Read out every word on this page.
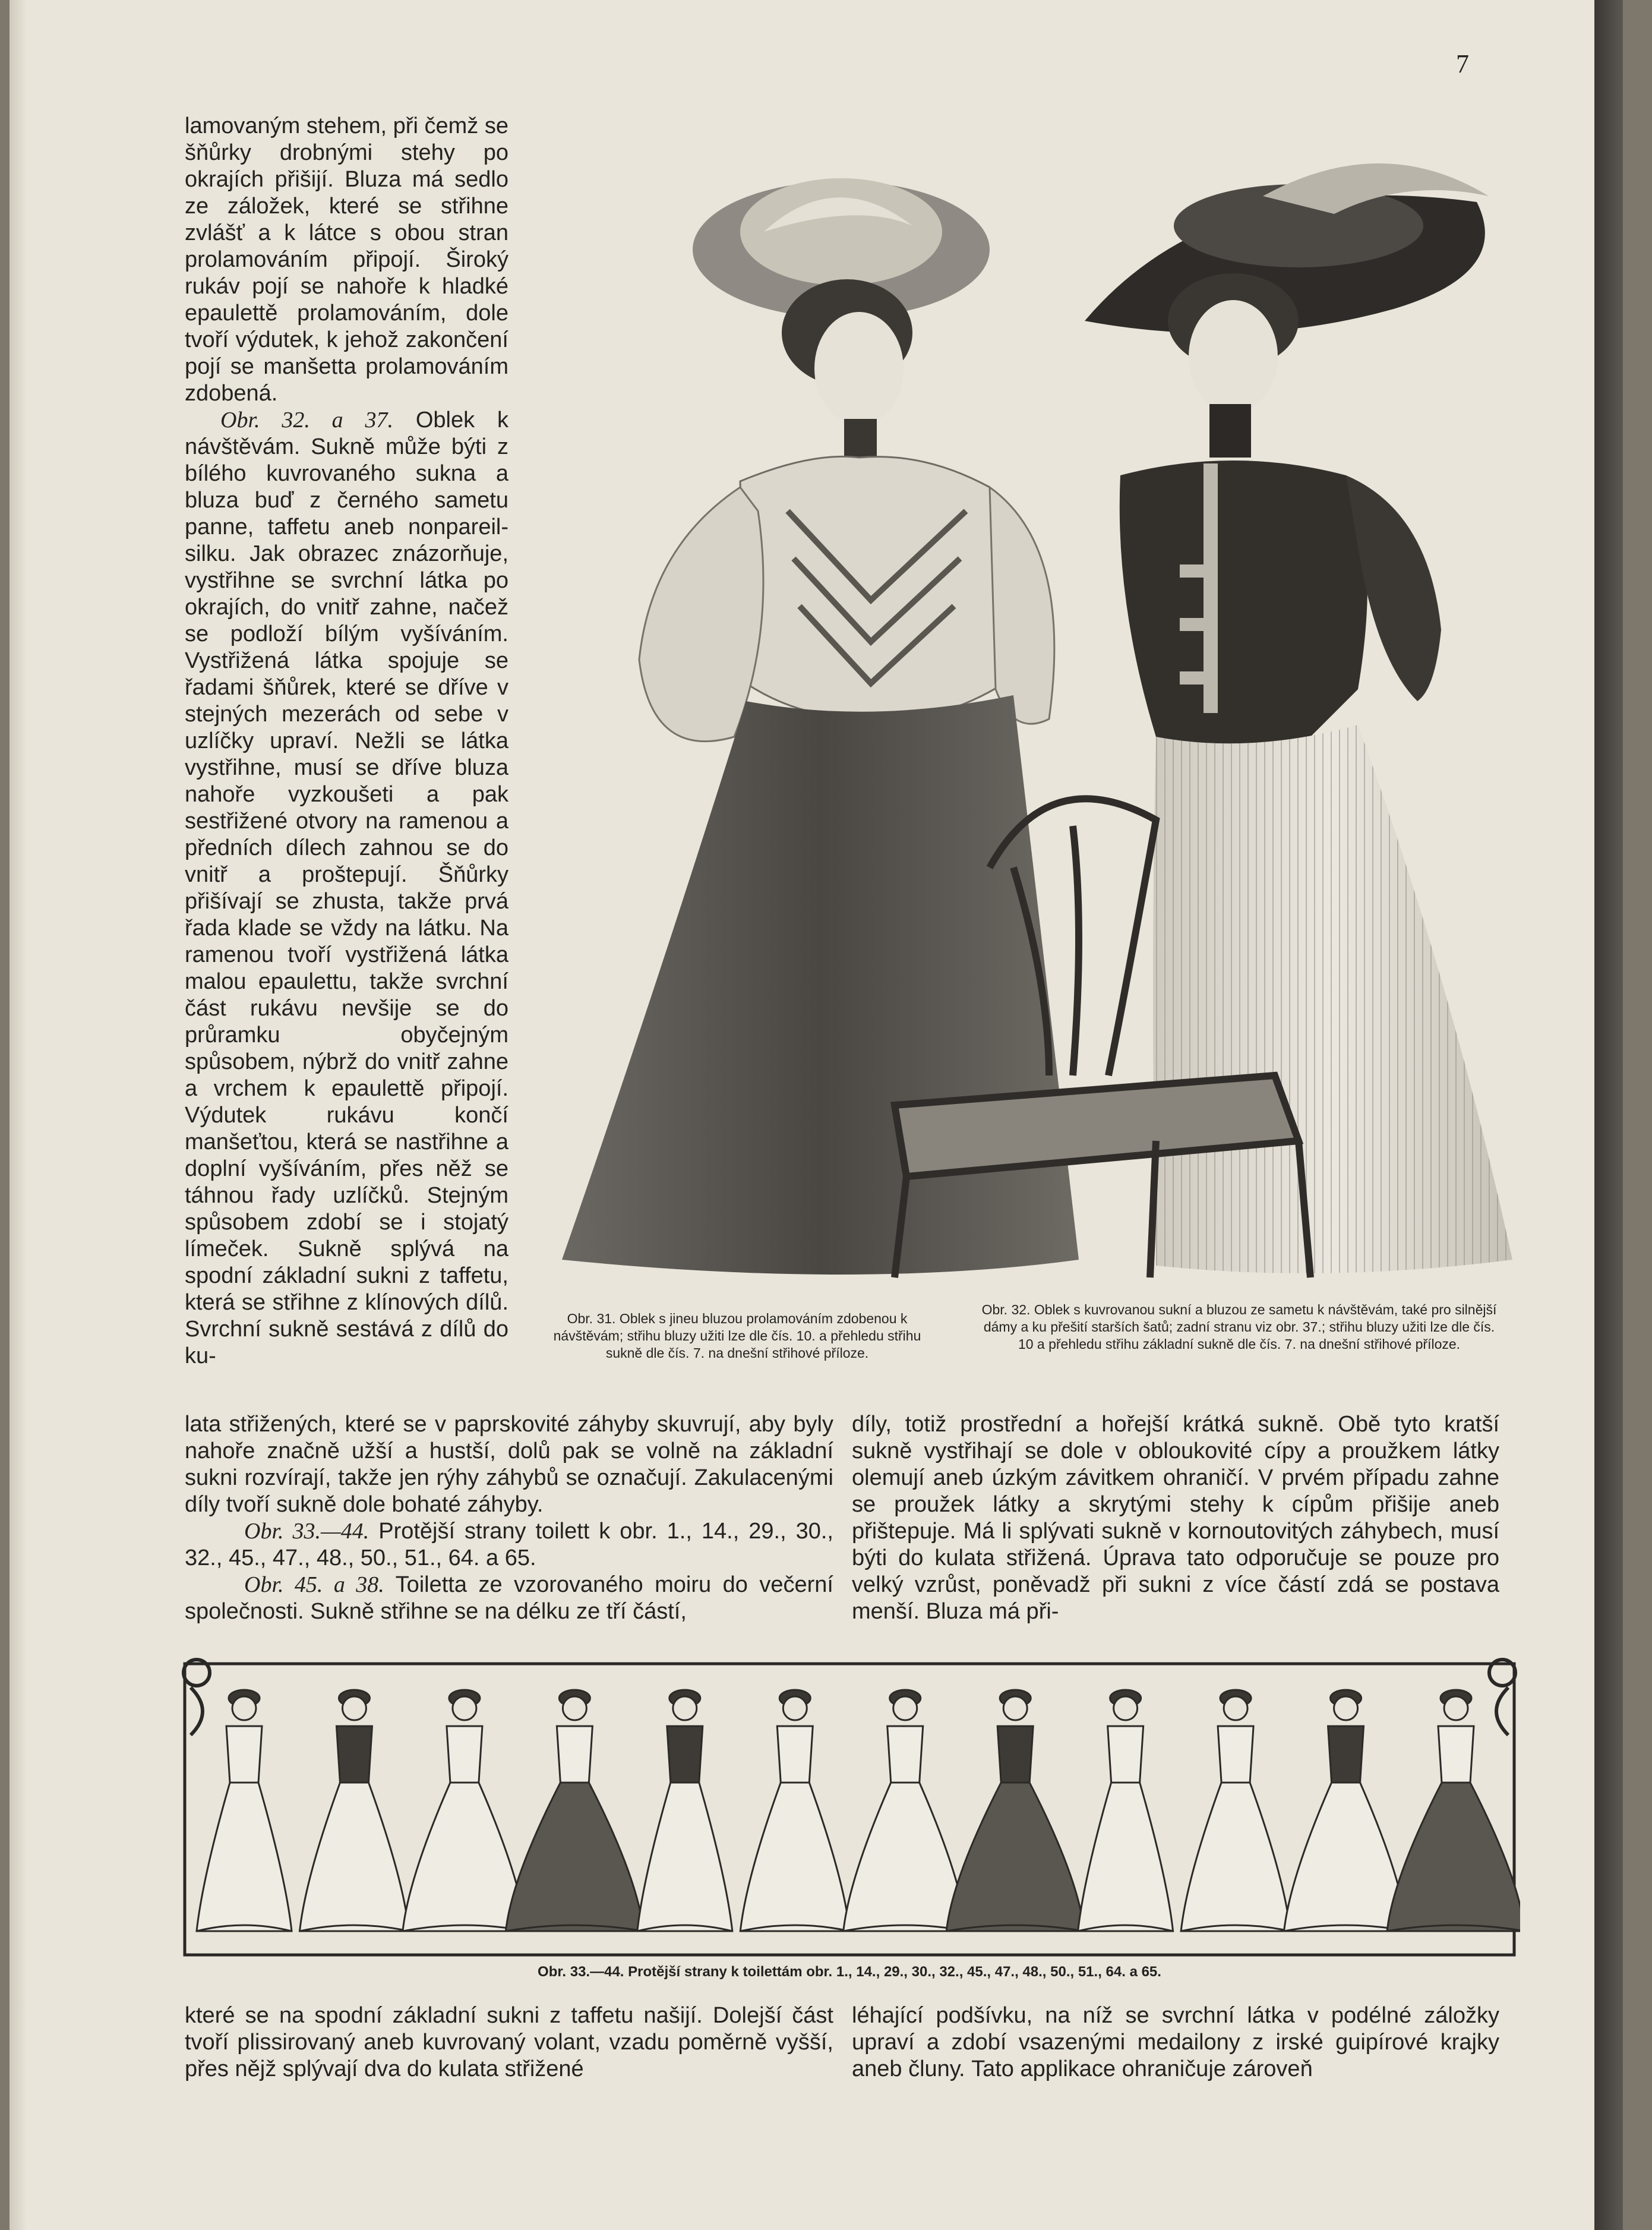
7

lamovaným stehem, při čemž se šňůrky drobnými stehy po okrajích přišijí. Bluza má sedlo ze záložek, které se střihne zvlášť a k látce s obou stran prolamováním připojí. Široký rukáv pojí se nahoře k hladké epaulettě prolamováním, dole tvoří výdutek, k jehož zakončení pojí se manšetta prolamováním zdobená.

Obr. 32. a 37. Oblek k návštěvám. Sukně může býti z bílého kuvrovaného sukna a bluza buď z černého sametu panne, taffetu aneb nonpareil-silku. Jak obrazec znázorňuje, vystřihne se svrchní látka po okrajích, do vnitř zahne, načež se podloží bílým vyšíváním. Vystřižená látka spojuje se řadami šňůrek, které se dříve v stejných mezerách od sebe v uzlíčky upraví. Nežli se látka vystřihne, musí se dříve bluza nahoře vyzkoušeti a pak sestřižené otvory na ramenou a předních dílech zahnou se do vnitř a proštepují. Šňůrky přišívají se zhusta, takže prvá řada klade se vždy na látku. Na ramenou tvoří vystřižená látka malou epaulettu, takže svrchní část rukávu nevšije se do průramku obyčejným spůsobem, nýbrž do vnitř zahne a vrchem k epaulettě připojí. Výdutek rukávu končí manšeťtou, která se nastřihne a doplní vyšíváním, přes něž se táhnou řady uzlíčků. Stejným spůsobem zdobí se i stojatý límeček. Sukně splývá na spodní základní sukni z taffetu, která se střihne z klínových dílů. Svrchní sukně sestává z dílů do ku-

Obr. 31. Oblek s jineu bluzou prolamováním zdobenou k návštěvám; střihu bluzy užiti lze dle čís. 10. a přehledu střihu sukně dle čís. 7. na dnešní střihové příloze.
Obr. 32. Oblek s kuvrovanou sukní a bluzou ze sametu k návštěvám, také pro silnější dámy a ku přešití starších šatů; zadní stranu viz obr. 37.; střihu bluzy užiti lze dle čís. 10 a přehledu střihu základní sukně dle čís. 7. na dnešní střihové příloze.

lata střižených, které se v paprskovité záhyby skuvrují, aby byly nahoře značně užší a hustší, dolů pak se volně na základní sukni rozvírají, takže jen rýhy záhybů se označují. Zakulacenými díly tvoří sukně dole bohaté záhyby.

Obr. 33.—44. Protější strany toilett k obr. 1., 14., 29., 30., 32., 45., 47., 48., 50., 51., 64. a 65.

Obr. 45. a 38. Toiletta ze vzorovaného moiru do večerní společnosti. Sukně střihne se na délku ze tří částí,

díly, totiž prostřední a hořejší krátká sukně. Obě tyto kratší sukně vystřihají se dole v obloukovité cípy a proužkem látky olemují aneb úzkým závitkem ohraničí. V prvém případu zahne se proužek látky a skrytými stehy k cípům přišije aneb přištepuje. Má li splývati sukně v kornoutovitých záhybech, musí býti do kulata střižená. Úprava tato odporučuje se pouze pro velký vzrůst, poněvadž při sukni z více částí zdá se postava menší. Bluza má při-
Obr. 33.—44. Protější strany k toilettám obr. 1., 14., 29., 30., 32., 45., 47., 48., 50., 51., 64. a 65.
které se na spodní základní sukni z taffetu našijí. Dolejší část tvoří plissirovaný aneb kuvrovaný volant, vzadu poměrně vyšší, přes nějž splývají dva do kulata střižené
léhající podšívku, na níž se svrchní látka v podélné záložky upraví a zdobí vsazenými medailony z irské guipírové krajky aneb člunу. Tato applikace ohraničuje zároveň
